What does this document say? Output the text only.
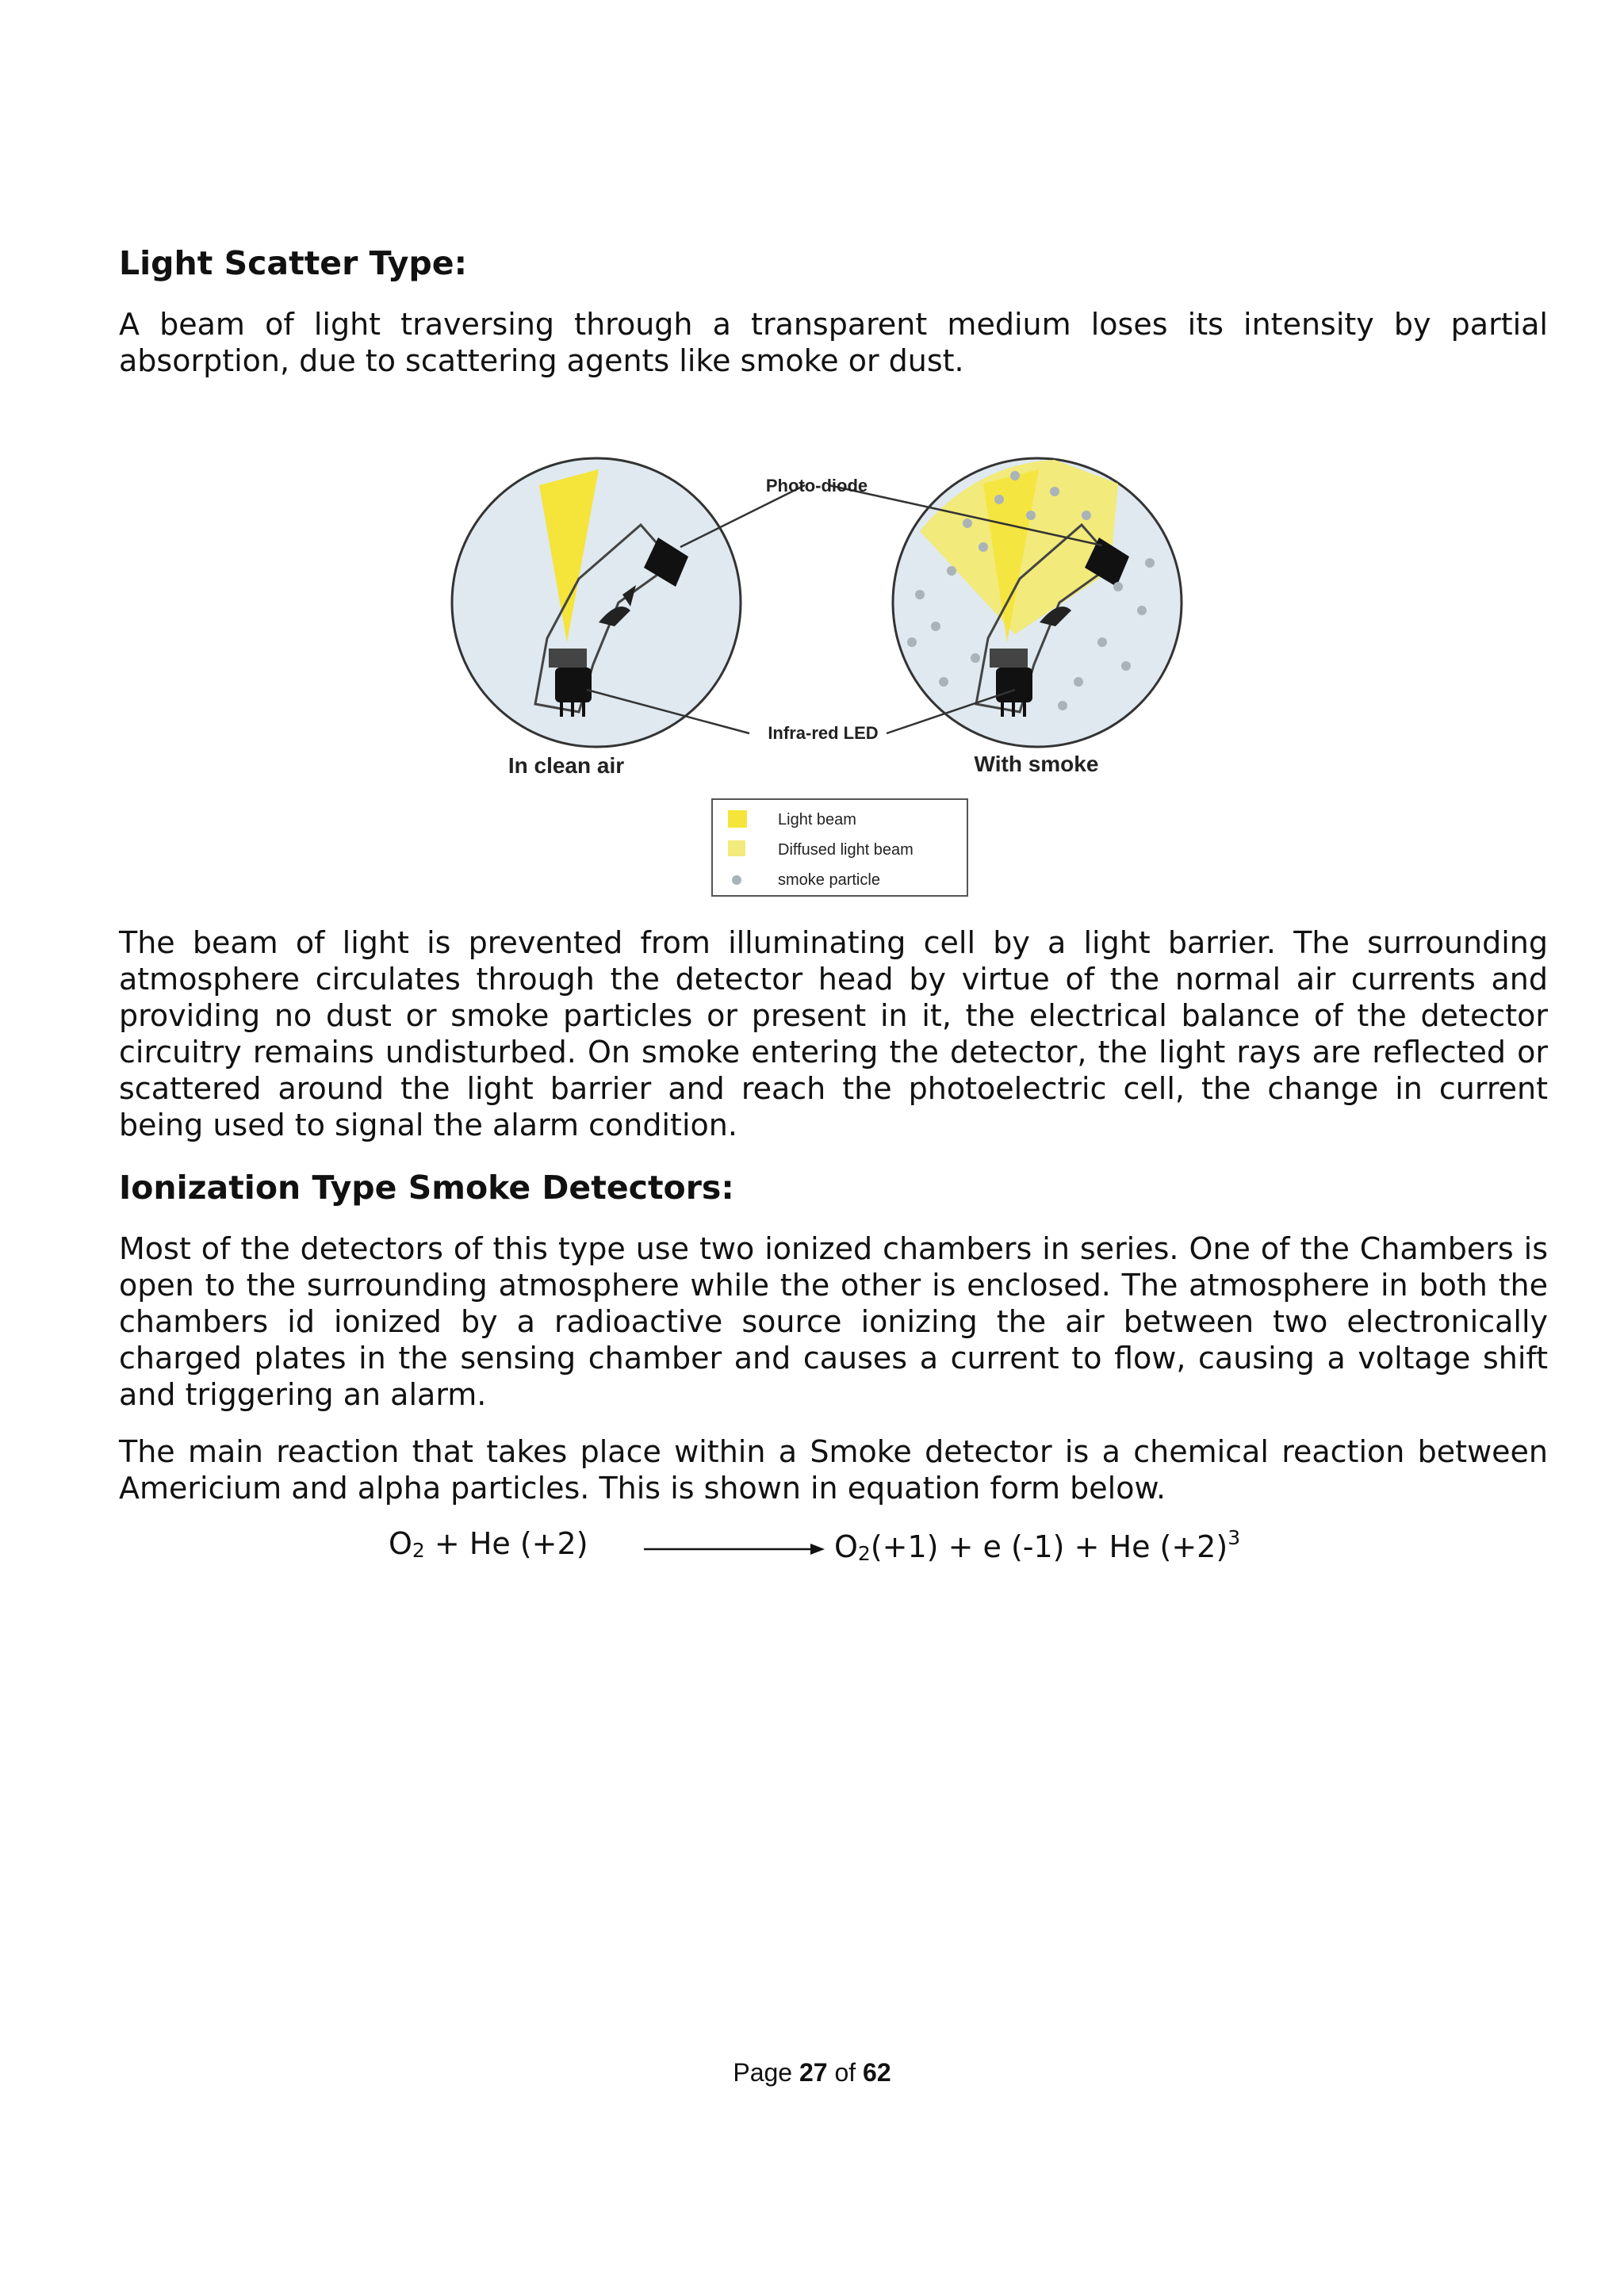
Light Scatter Type:
A beam of light traversing through a transparent medium loses its intensity by partial
absorption, due to scattering agents like smoke or dust.
Photo-diode
Infra-red LED
In clean air	With smoke
Light beam
Diffused light beam
smoke particle
The beam of light is prevented from illuminating cell by a light barrier. The surrounding
atmosphere circulates through the detector head by virtue of the normal air currents and
providing no dust or smoke particles or present in it, the electrical balance of the detector
circuitry remains undisturbed. On smoke entering the detector, the light rays are reflected or
scattered around the light barrier and reach the photoelectric cell, the change in current
being used to signal the alarm condition.
Ionization Type Smoke Detectors:
Most of the detectors of this type use two ionized chambers in series. One of the Chambers is
open to the surrounding atmosphere while the other is enclosed. The atmosphere in both the
chambers id ionized by a radioactive source ionizing the air between two electronically
charged plates in the sensing chamber and causes a current to flow, causing a voltage shift
and triggering an alarm.
The main reaction that takes place within a Smoke detector is a chemical reaction between
Americium and alpha particles. This is shown in equation form below.
$O_2 + He$ (+2)	$O_2(+1) + e$ (-1) + He $(+2)^3$
Page 27 of 62
